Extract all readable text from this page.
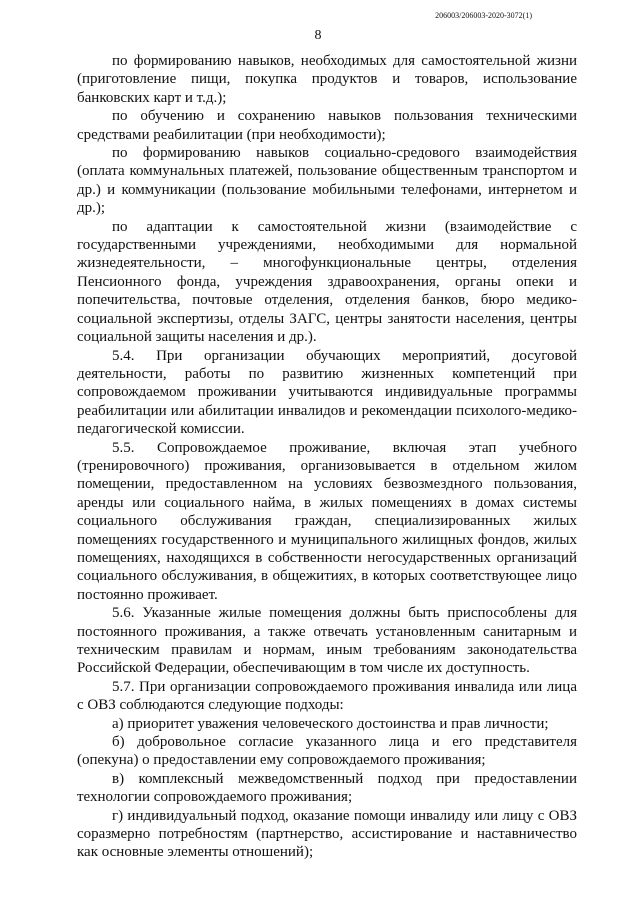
206003/206003-2020-3072(1)
8

по формированию навыков, необходимых для самостоятельной жизни (приготовление пищи, покупка продуктов и товаров, использование банковских карт и т.д.);

по обучению и сохранению навыков пользования техническими средствами реабилитации (при необходимости);

по формированию навыков социально-средового взаимодействия (оплата коммунальных платежей, пользование общественным транспортом и др.) и коммуникации (пользование мобильными телефонами, интернетом и др.);

по адаптации к самостоятельной жизни (взаимодействие с государственными учреждениями, необходимыми для нормальной жизнедеятельности, – многофункциональные центры, отделения Пенсионного фонда, учреждения здравоохранения, органы опеки и попечительства, почтовые отделения, отделения банков, бюро медико-социальной экспертизы, отделы ЗАГС, центры занятости населения, центры социальной защиты населения и др.).

5.4. При организации обучающих мероприятий, досуговой деятельности, работы по развитию жизненных компетенций при сопровождаемом проживании учитываются индивидуальные программы реабилитации или абилитации инвалидов и рекомендации психолого-медико-педагогической комиссии.

5.5. Сопровождаемое проживание, включая этап учебного (тренировочного) проживания, организовывается в отдельном жилом помещении, предоставленном на условиях безвозмездного пользования, аренды или социального найма, в жилых помещениях в домах системы социального обслуживания граждан, специализированных жилых помещениях государственного и муниципального жилищных фондов, жилых помещениях, находящихся в собственности негосударственных организаций социального обслуживания, в общежитиях, в которых соответствующее лицо постоянно проживает.

5.6. Указанные жилые помещения должны быть приспособлены для постоянного проживания, а также отвечать установленным санитарным и техническим правилам и нормам, иным требованиям законодательства Российской Федерации, обеспечивающим в том числе их доступность.

5.7. При организации сопровождаемого проживания инвалида или лица с ОВЗ соблюдаются следующие подходы:

а) приоритет уважения человеческого достоинства и прав личности;

б) добровольное согласие указанного лица и его представителя (опекуна) о предоставлении ему сопровождаемого проживания;

в) комплексный межведомственный подход при предоставлении технологии сопровождаемого проживания;

г) индивидуальный подход, оказание помощи инвалиду или лицу с ОВЗ соразмерно потребностям (партнерство, ассистирование и наставничество как основные элементы отношений);
